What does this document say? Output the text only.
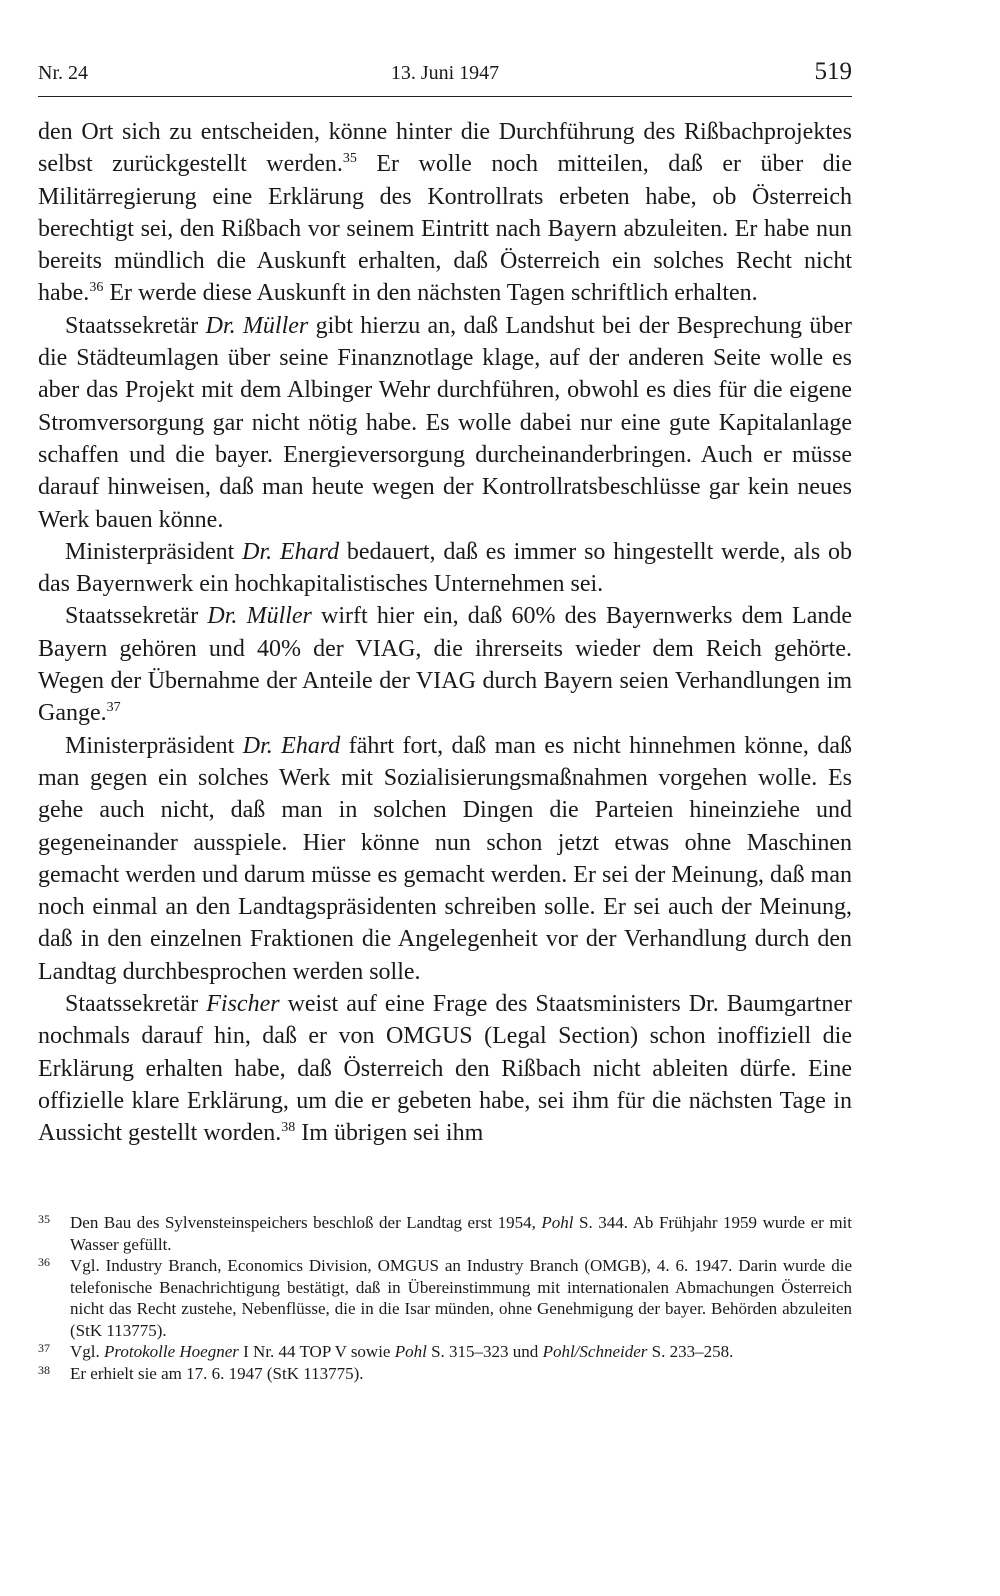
Nr. 24	13. Juni 1947	519

den Ort sich zu entscheiden, könne hinter die Durchführung des Rißbachprojektes selbst zurückgestellt werden.$^{35}$ Er wolle noch mitteilen, daß er über die Militärregierung eine Erklärung des Kontrollrats erbeten habe, ob Österreich berechtigt sei, den Rißbach vor seinem Eintritt nach Bayern abzuleiten. Er habe nun bereits mündlich die Auskunft erhalten, daß Österreich ein solches Recht nicht habe.$^{36}$ Er werde diese Auskunft in den nächsten Tagen schriftlich erhalten.

Staatssekretär Dr. Müller gibt hierzu an, daß Landshut bei der Besprechung über die Städteumlagen über seine Finanznotlage klage, auf der anderen Seite wolle es aber das Projekt mit dem Albinger Wehr durchführen, obwohl es dies für die eigene Stromversorgung gar nicht nötig habe. Es wolle dabei nur eine gute Kapitalanlage schaffen und die bayer. Energieversorgung durcheinanderbringen. Auch er müsse darauf hinweisen, daß man heute wegen der Kontrollratsbeschlüsse gar kein neues Werk bauen könne.

Ministerpräsident Dr. Ehard bedauert, daß es immer so hingestellt werde, als ob das Bayernwerk ein hochkapitalistisches Unternehmen sei.

Staatssekretär Dr. Müller wirft hier ein, daß 60% des Bayernwerks dem Lande Bayern gehören und 40% der VIAG, die ihrerseits wieder dem Reich gehörte. Wegen der Übernahme der Anteile der VIAG durch Bayern seien Verhandlungen im Gange.$^{37}$

Ministerpräsident Dr. Ehard fährt fort, daß man es nicht hinnehmen könne, daß man gegen ein solches Werk mit Sozialisierungsmaßnahmen vorgehen wolle. Es gehe auch nicht, daß man in solchen Dingen die Parteien hineinziehe und gegeneinander ausspiele. Hier könne nun schon jetzt etwas ohne Maschinen gemacht werden und darum müsse es gemacht werden. Er sei der Meinung, daß man noch einmal an den Landtagspräsidenten schreiben solle. Er sei auch der Meinung, daß in den einzelnen Fraktionen die Angelegenheit vor der Verhandlung durch den Landtag durchbesprochen werden solle.

Staatssekretär Fischer weist auf eine Frage des Staatsministers Dr. Baumgartner nochmals darauf hin, daß er von OMGUS (Legal Section) schon inoffiziell die Erklärung erhalten habe, daß Österreich den Rißbach nicht ableiten dürfe. Eine offizielle klare Erklärung, um die er gebeten habe, sei ihm für die nächsten Tage in Aussicht gestellt worden.$^{38}$ Im übrigen sei ihm

35 Den Bau des Sylvensteinspeichers beschloß der Landtag erst 1954, Pohl S. 344. Ab Frühjahr 1959 wurde er mit Wasser gefüllt.
36 Vgl. Industry Branch, Economics Division, OMGUS an Industry Branch (OMGB), 4. 6. 1947. Darin wurde die telefonische Benachrichtigung bestätigt, daß in Übereinstimmung mit internationalen Abmachungen Österreich nicht das Recht zustehe, Nebenflüsse, die in die Isar münden, ohne Genehmigung der bayer. Behörden abzuleiten (StK 113775).
37 Vgl. Protokolle Hoegner I Nr. 44 TOP V sowie Pohl S. 315–323 und Pohl/Schneider S. 233–258.
38 Er erhielt sie am 17. 6. 1947 (StK 113775).
